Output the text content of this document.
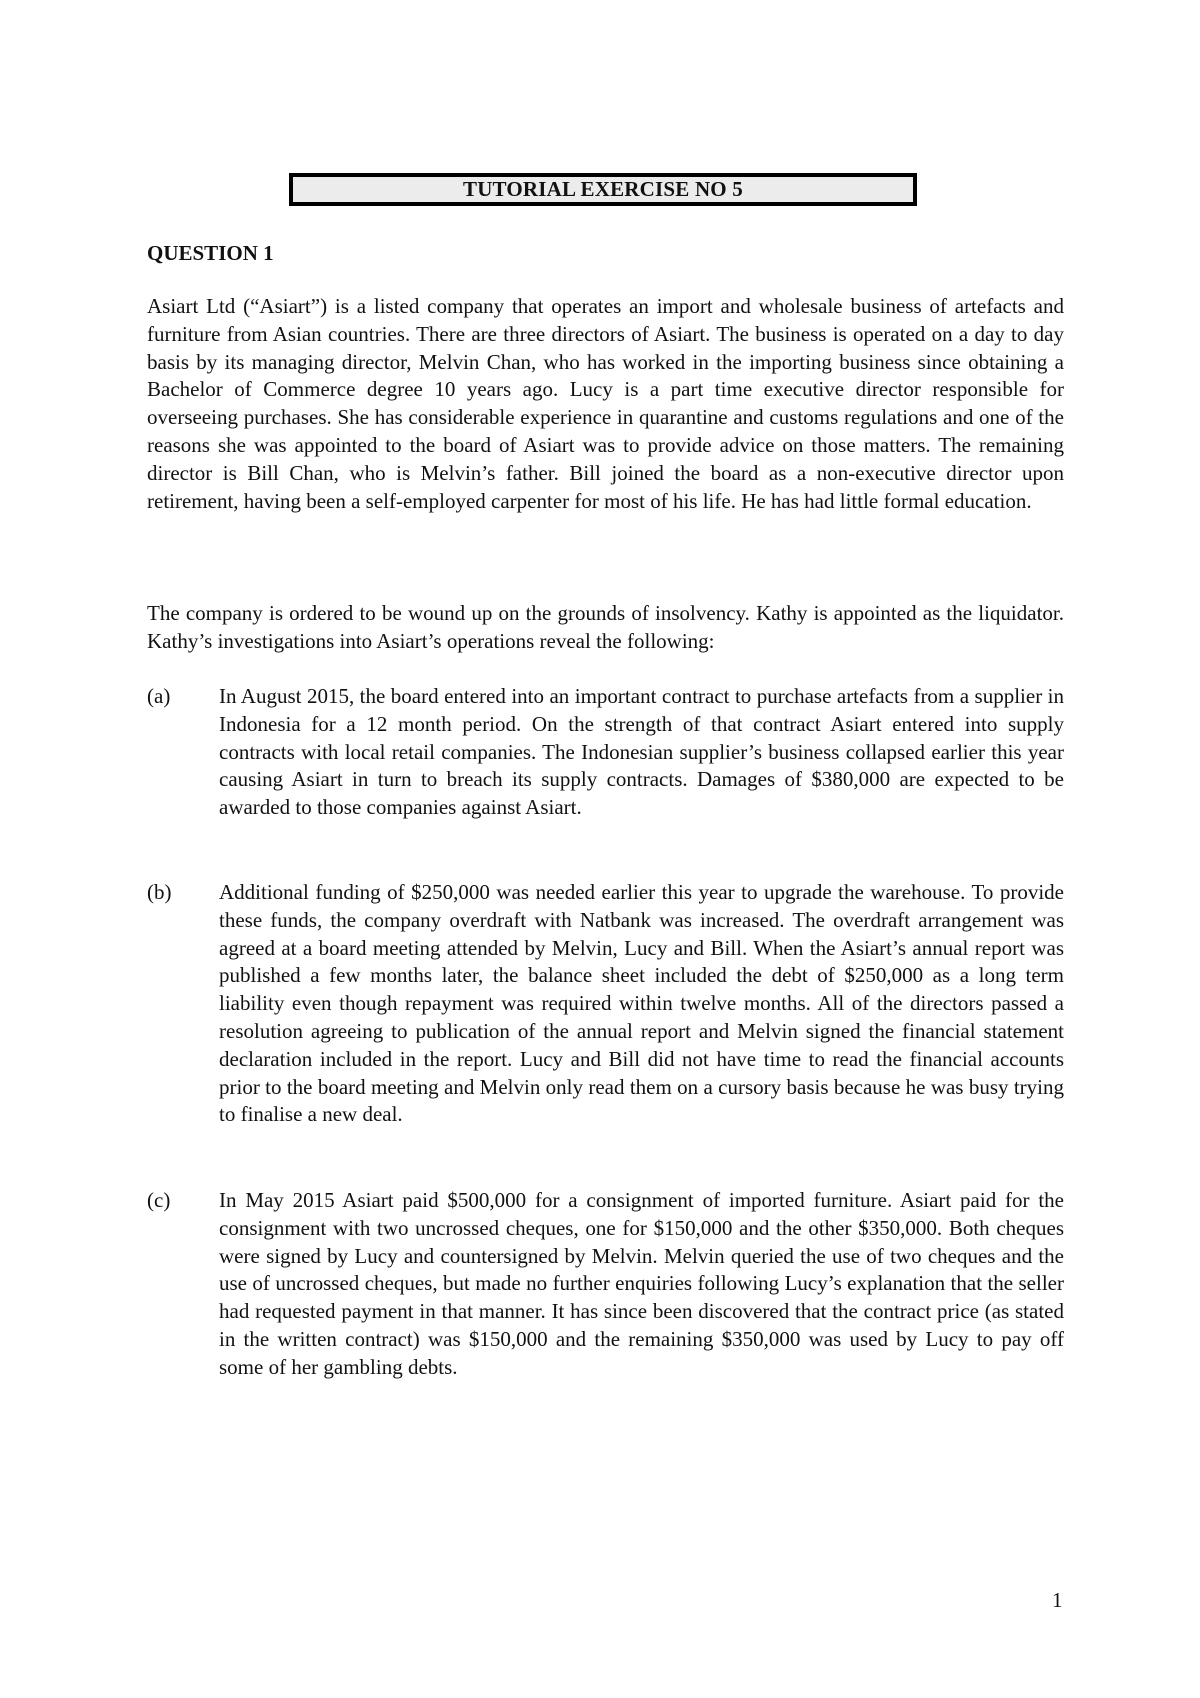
TUTORIAL EXERCISE NO 5
QUESTION 1

Asiart Ltd (“Asiart”) is a listed company that operates an import and wholesale business of artefacts and furniture from Asian countries. There are three directors of Asiart. The business is operated on a day to day basis by its managing director, Melvin Chan, who has worked in the importing business since obtaining a Bachelor of Commerce degree 10 years ago. Lucy is a part time executive director responsible for overseeing purchases. She has considerable experience in quarantine and customs regulations and one of the reasons she was appointed to the board of Asiart was to provide advice on those matters. The remaining director is Bill Chan, who is Melvin’s father. Bill joined the board as a non-executive director upon retirement, having been a self-employed carpenter for most of his life. He has had little formal education.

The company is ordered to be wound up on the grounds of insolvency. Kathy is appointed as the liquidator. Kathy’s investigations into Asiart’s operations reveal the following:

(a) In August 2015, the board entered into an important contract to purchase artefacts from a supplier in Indonesia for a 12 month period. On the strength of that contract Asiart entered into supply contracts with local retail companies. The Indonesian supplier’s business collapsed earlier this year causing Asiart in turn to breach its supply contracts. Damages of $380,000 are expected to be awarded to those companies against Asiart.

(b) Additional funding of $250,000 was needed earlier this year to upgrade the warehouse. To provide these funds, the company overdraft with Natbank was increased. The overdraft arrangement was agreed at a board meeting attended by Melvin, Lucy and Bill. When the Asiart’s annual report was published a few months later, the balance sheet included the debt of $250,000 as a long term liability even though repayment was required within twelve months. All of the directors passed a resolution agreeing to publication of the annual report and Melvin signed the financial statement declaration included in the report. Lucy and Bill did not have time to read the financial accounts prior to the board meeting and Melvin only read them on a cursory basis because he was busy trying to finalise a new deal.

(c) In May 2015 Asiart paid $500,000 for a consignment of imported furniture. Asiart paid for the consignment with two uncrossed cheques, one for $150,000 and the other $350,000. Both cheques were signed by Lucy and countersigned by Melvin. Melvin queried the use of two cheques and the use of uncrossed cheques, but made no further enquiries following Lucy’s explanation that the seller had requested payment in that manner. It has since been discovered that the contract price (as stated in the written contract) was $150,000 and the remaining $350,000 was used by Lucy to pay off some of her gambling debts.

1
